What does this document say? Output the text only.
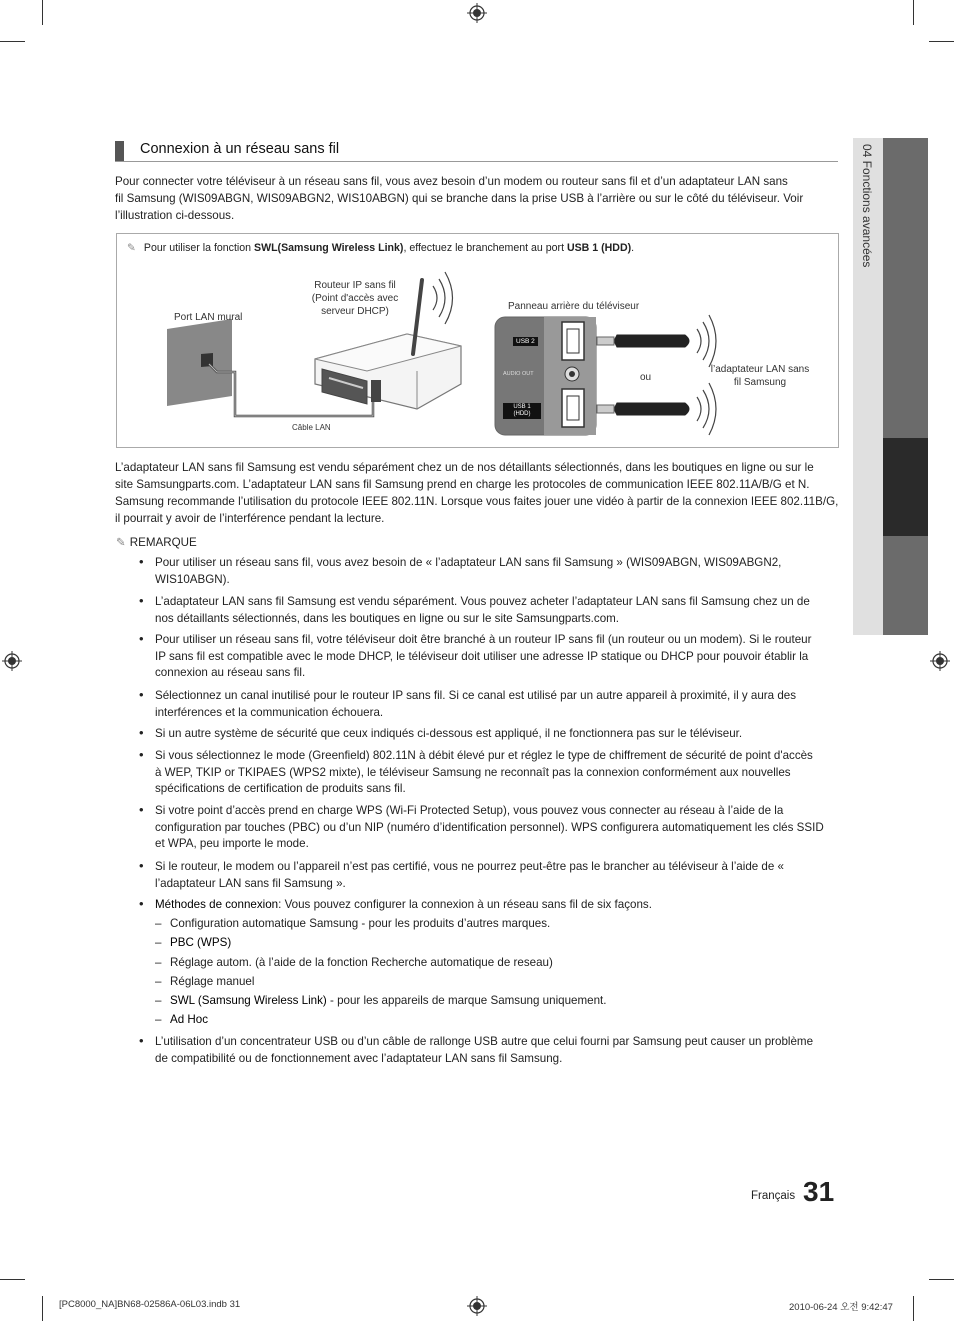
Connexion à un réseau sans fil
Pour connecter votre téléviseur à un réseau sans fil, vous avez besoin d’un modem ou routeur sans fil et d’un adaptateur LAN sans
fil Samsung (WIS09ABGN, WIS09ABGN2, WIS10ABGN) qui se branche dans la prise USB à l’arrière ou sur le côté du téléviseur. Voir
l’illustration ci-dessous.
✎ Pour utiliser la fonction SWL(Samsung Wireless Link), effectuez le branchement au port USB 1 (HDD).
Port LAN mural
Routeur IP sans fil
(Point d'accès avec
serveur DHCP)	Panneau arrière du téléviseur
Câble LAN
ou
l’adaptateur LAN sans
fil Samsung
USB 2
AUDIO OUT
USB 1
(HDD)
L’adaptateur LAN sans fil Samsung est vendu séparément chez un de nos détaillants sélectionnés, dans les boutiques en ligne ou sur le
site Samsungparts.com. L’adaptateur LAN sans fil Samsung prend en charge les protocoles de communication IEEE 802.11A/B/G et N.
Samsung recommande l’utilisation du protocole IEEE 802.11N. Lorsque vous faites jouer une vidéo à partir de la connexion IEEE 802.11B/G,
il pourrait y avoir de l’interférence pendant la lecture.
✎ REMARQUE
• Pour utiliser un réseau sans fil, vous avez besoin de « l’adaptateur LAN sans fil Samsung » (WIS09ABGN, WIS09ABGN2,
WIS10ABGN).
• L’adaptateur LAN sans fil Samsung est vendu séparément. Vous pouvez acheter l’adaptateur LAN sans fil Samsung chez un de
nos détaillants sélectionnés, dans les boutiques en ligne ou sur le site Samsungparts.com.
• Pour utiliser un réseau sans fil, votre téléviseur doit être branché à un routeur IP sans fil (un routeur ou un modem). Si le routeur
IP sans fil est compatible avec le mode DHCP, le téléviseur doit utiliser une adresse IP statique ou DHCP pour pouvoir établir la
connexion au réseau sans fil.
• Sélectionnez un canal inutilisé pour le routeur IP sans fil. Si ce canal est utilisé par un autre appareil à proximité, il y aura des
interférences et la communication échouera.
• Si un autre système de sécurité que ceux indiqués ci-dessous est appliqué, il ne fonctionnera pas sur le téléviseur.
• Si vous sélectionnez le mode (Greenfield) 802.11N à débit élevé pur et réglez le type de chiffrement de sécurité de point d'accès
à WEP, TKIP or TKIPAES (WPS2 mixte), le téléviseur Samsung ne reconnaît pas la connexion conformément aux nouvelles
spécifications de certification de produits sans fil.
• Si votre point d’accès prend en charge WPS (Wi-Fi Protected Setup), vous pouvez vous connecter au réseau à l’aide de la
configuration par touches (PBC) ou d’un NIP (numéro d’identification personnel). WPS configurera automatiquement les clés SSID
et WPA, peu importe le mode.
• Si le routeur, le modem ou l’appareil n’est pas certifié, vous ne pourrez peut-être pas le brancher au téléviseur à l’aide de «
l’adaptateur LAN sans fil Samsung ».
• Méthodes de connexion: Vous pouvez configurer la connexion à un réseau sans fil de six façons.
– Configuration automatique Samsung - pour les produits d’autres marques.
– PBC (WPS)
– Réglage autom. (à l’aide de la fonction Recherche automatique de reseau)
– Réglage manuel
– SWL (Samsung Wireless Link) - pour les appareils de marque Samsung uniquement.
– Ad Hoc
• L’utilisation d’un concentrateur USB ou d’un câble de rallonge USB autre que celui fourni par Samsung peut causer un problème
de compatibilité ou de fonctionnement avec l’adaptateur LAN sans fil Samsung.
04 Fonctions avancées
Français 31
[PC8000_NA]BN68-02586A-06L03.indb 31	2010-06-24 오전 9:42:47
